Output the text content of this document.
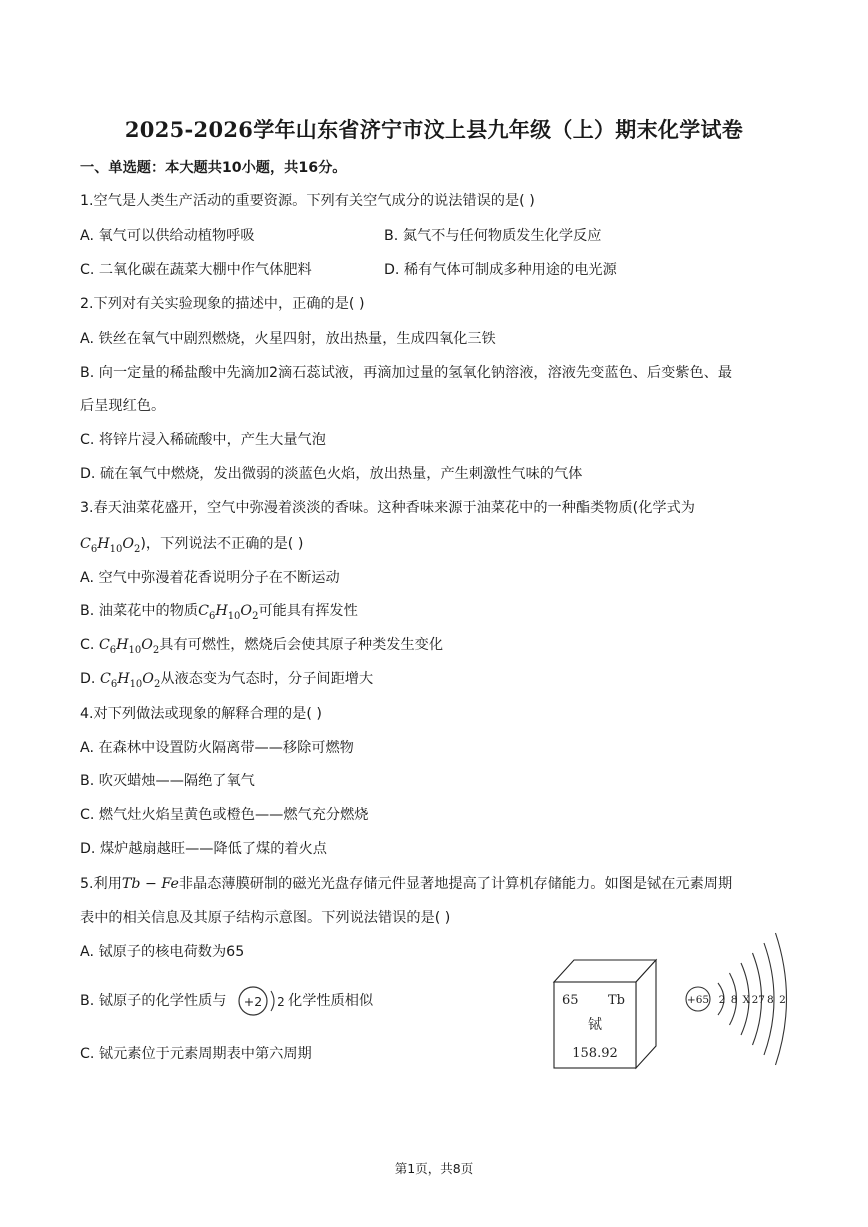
2025-2026学年山东省济宁市汶上县九年级（上）期末化学试卷
一、单选题：本大题共10小题，共16分。
1.空气是人类生产活动的重要资源。下列有关空气成分的说法错误的是( )
A. 氧气可以供给动植物呼吸	B. 氮气不与任何物质发生化学反应
C. 二氧化碳在蔬菜大棚中作气体肥料	D. 稀有气体可制成多种用途的电光源
2.下列对有关实验现象的描述中，正确的是( )
A. 铁丝在氧气中剧烈燃烧，火星四射，放出热量，生成四氧化三铁
B. 向一定量的稀盐酸中先滴加2滴石蕊试液，再滴加过量的氢氧化钠溶液，溶液先变蓝色、后变紫色、最
后呈现红色。
C. 将锌片浸入稀硫酸中，产生大量气泡
D. 硫在氧气中燃烧，发出微弱的淡蓝色火焰，放出热量，产生刺激性气味的气体
3.春天油菜花盛开，空气中弥漫着淡淡的香味。这种香味来源于油菜花中的一种酯类物质(化学式为
$C_6H_{10}O_2$)，下列说法不正确的是( )
A. 空气中弥漫着花香说明分子在不断运动
B. 油菜花中的物质$C_6H_{10}O_2$可能具有挥发性
C. $C_6H_{10}O_2$具有可燃性，燃烧后会使其原子种类发生变化
D. $C_6H_{10}O_2$从液态变为气态时，分子间距增大
4.对下列做法或现象的解释合理的是( )
A. 在森林中设置防火隔离带——移除可燃物
B. 吹灭蜡烛——隔绝了氧气
C. 燃气灶火焰呈黄色或橙色——燃气充分燃烧
D. 煤炉越扇越旺——降低了煤的着火点
5.利用Tb − Fe非晶态薄膜研制的磁光光盘存储元件显著地提高了计算机存储能力。如图是铽在元素周期
表中的相关信息及其原子结构示意图。下列说法错误的是( )
A. 铽原子的核电荷数为65
B. 铽原子的化学性质与 +2 2 化学性质相似
C. 铽元素位于元素周期表中第六周期
65 Tb
铽
158.92
+65 2 8 X 27 8 2
第1页，共8页
